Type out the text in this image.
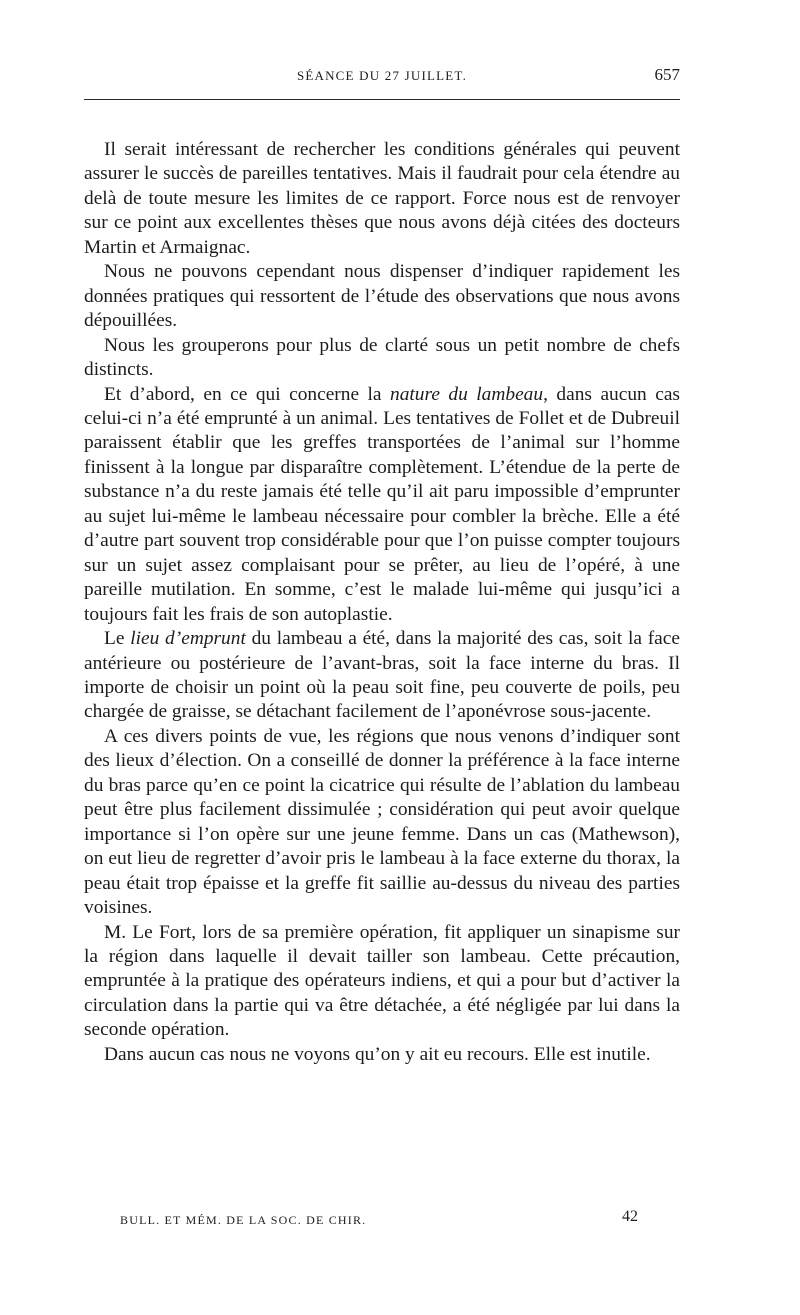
SÉANCE DU 27 JUILLET.	657

Il serait intéressant de rechercher les conditions générales qui peuvent assurer le succès de pareilles tentatives. Mais il faudrait pour cela étendre au delà de toute mesure les limites de ce rapport. Force nous est de renvoyer sur ce point aux excellentes thèses que nous avons déjà citées des docteurs Martin et Armaignac.

Nous ne pouvons cependant nous dispenser d’indiquer rapidement les données pratiques qui ressortent de l’étude des observations que nous avons dépouillées.

Nous les grouperons pour plus de clarté sous un petit nombre de chefs distincts.

Et d’abord, en ce qui concerne la nature du lambeau, dans aucun cas celui-ci n’a été emprunté à un animal. Les tentatives de Follet et de Dubreuil paraissent établir que les greffes transportées de l’animal sur l’homme finissent à la longue par disparaître complètement. L’étendue de la perte de substance n’a du reste jamais été telle qu’il ait paru impossible d’emprunter au sujet lui-même le lambeau nécessaire pour combler la brèche. Elle a été d’autre part souvent trop considérable pour que l’on puisse compter toujours sur un sujet assez complaisant pour se prêter, au lieu de l’opéré, à une pareille mutilation. En somme, c’est le malade lui-même qui jusqu’ici a toujours fait les frais de son autoplastie.

Le lieu d’emprunt du lambeau a été, dans la majorité des cas, soit la face antérieure ou postérieure de l’avant-bras, soit la face interne du bras. Il importe de choisir un point où la peau soit fine, peu couverte de poils, peu chargée de graisse, se détachant facilement de l’aponévrose sous-jacente.

A ces divers points de vue, les régions que nous venons d’indiquer sont des lieux d’élection. On a conseillé de donner la préférence à la face interne du bras parce qu’en ce point la cicatrice qui résulte de l’ablation du lambeau peut être plus facilement dissimulée ; considération qui peut avoir quelque importance si l’on opère sur une jeune femme. Dans un cas (Mathewson), on eut lieu de regretter d’avoir pris le lambeau à la face externe du thorax, la peau était trop épaisse et la greffe fit saillie au-dessus du niveau des parties voisines.

M. Le Fort, lors de sa première opération, fit appliquer un sinapisme sur la région dans laquelle il devait tailler son lambeau. Cette précaution, empruntée à la pratique des opérateurs indiens, et qui a pour but d’activer la circulation dans la partie qui va être détachée, a été négligée par lui dans la seconde opération.

Dans aucun cas nous ne voyons qu’on y ait eu recours. Elle est inutile.

BULL. ET MÉM. DE LA SOC. DE CHIR.	42
